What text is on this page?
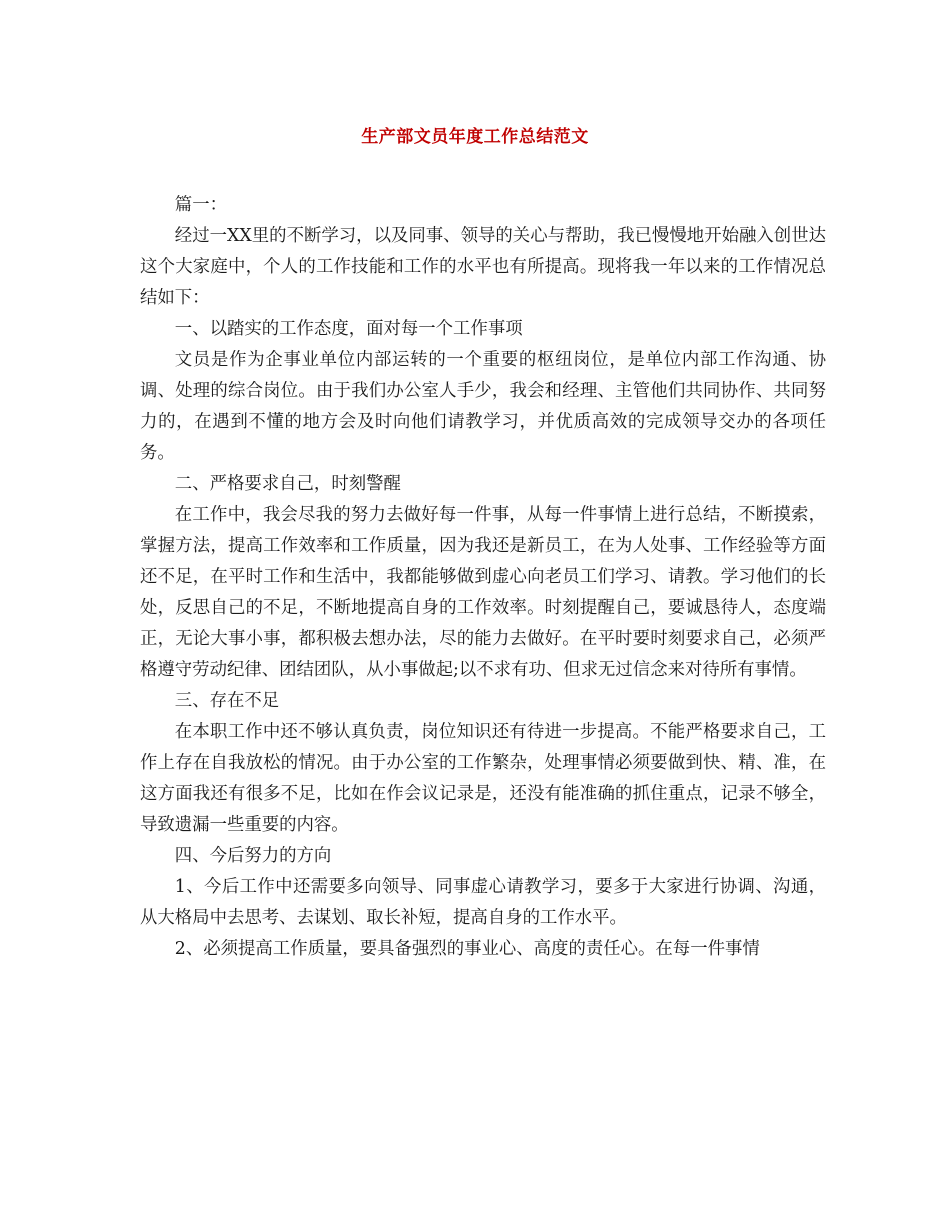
生产部文员年度工作总结范文

篇一：

经过一XX里的不断学习，以及同事、领导的关心与帮助，我已慢慢地开始融入创世达这个大家庭中，个人的工作技能和工作的水平也有所提高。现将我一年以来的工作情况总结如下：

一、以踏实的工作态度，面对每一个工作事项

文员是作为企事业单位内部运转的一个重要的枢纽岗位，是单位内部工作沟通、协调、处理的综合岗位。由于我们办公室人手少，我会和经理、主管他们共同协作、共同努力的，在遇到不懂的地方会及时向他们请教学习，并优质高效的完成领导交办的各项任务。

二、严格要求自己，时刻警醒

在工作中，我会尽我的努力去做好每一件事，从每一件事情上进行总结，不断摸索，掌握方法，提高工作效率和工作质量，因为我还是新员工，在为人处事、工作经验等方面还不足，在平时工作和生活中，我都能够做到虚心向老员工们学习、请教。学习他们的长处，反思自己的不足，不断地提高自身的工作效率。时刻提醒自己，要诚恳待人，态度端正，无论大事小事，都积极去想办法，尽的能力去做好。在平时要时刻要求自己，必须严格遵守劳动纪律、团结团队，从小事做起;以不求有功、但求无过信念来对待所有事情。

三、存在不足

在本职工作中还不够认真负责，岗位知识还有待进一步提高。不能严格要求自己，工作上存在自我放松的情况。由于办公室的工作繁杂，处理事情必须要做到快、精、准，在这方面我还有很多不足，比如在作会议记录是，还没有能准确的抓住重点，记录不够全，导致遗漏一些重要的内容。

四、今后努力的方向

1、今后工作中还需要多向领导、同事虚心请教学习，要多于大家进行协调、沟通，从大格局中去思考、去谋划、取长补短，提高自身的工作水平。

2、必须提高工作质量，要具备强烈的事业心、高度的责任心。在每一件事情
